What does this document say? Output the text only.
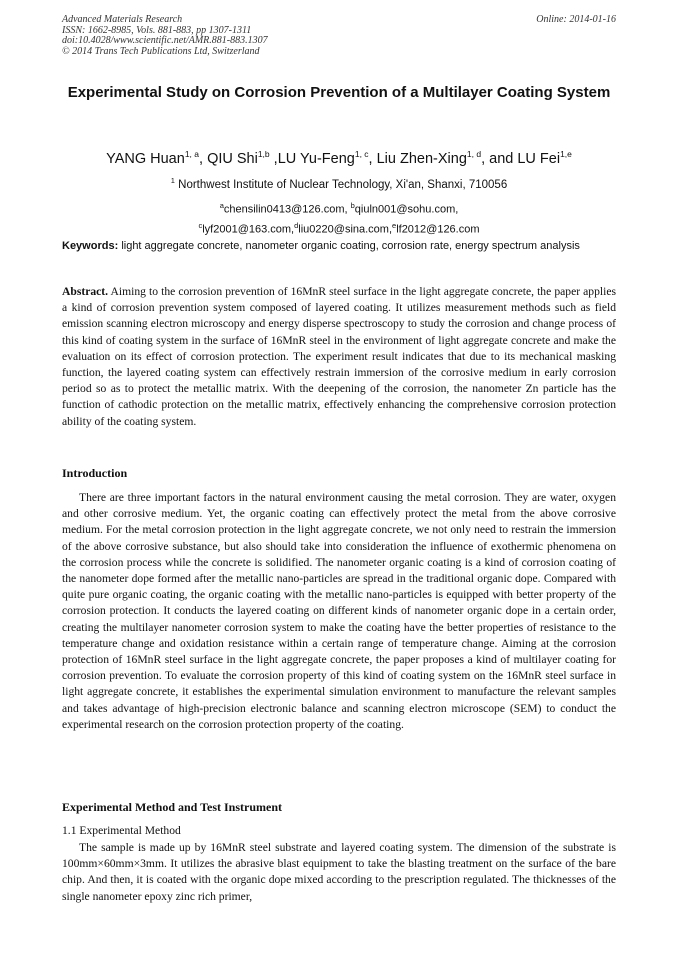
Advanced Materials Research
ISSN: 1662-8985, Vols. 881-883, pp 1307-1311
doi:10.4028/www.scientific.net/AMR.881-883.1307
© 2014 Trans Tech Publications Ltd, Switzerland
Online: 2014-01-16
Experimental Study on Corrosion Prevention of a Multilayer Coating System
YANG Huan$^{1, a}$, QIU Shi$^{1,b}$ ,LU Yu-Feng$^{1, c}$, Liu Zhen-Xing$^{1, d}$, and LU Fei$^{1,e}$
$^1$ Northwest Institute of Nuclear Technology, Xi'an, Shanxi, 710056
$^a$chensilin0413@126.com, $^b$qiuln001@sohu.com,
$^c$lyf2001@163.com,$^d$liu0220@sina.com,$^e$lf2012@126.com
Keywords: light aggregate concrete, nanometer organic coating, corrosion rate, energy spectrum analysis

Abstract. Aiming to the corrosion prevention of 16MnR steel surface in the light aggregate concrete, the paper applies a kind of corrosion prevention system composed of layered coating. It utilizes measurement methods such as field emission scanning electron microscopy and energy disperse spectroscopy to study the corrosion and change process of this kind of coating system in the surface of 16MnR steel in the environment of light aggregate concrete and make the evaluation on its effect of corrosion protection. The experiment result indicates that due to its mechanical masking function, the layered coating system can effectively restrain immersion of the corrosive medium in early corrosion period so as to protect the metallic matrix. With the deepening of the corrosion, the nanometer Zn particle has the function of cathodic protection on the metallic matrix, effectively enhancing the comprehensive corrosion protection ability of the coating system.

Introduction

There are three important factors in the natural environment causing the metal corrosion. They are water, oxygen and other corrosive medium. Yet, the organic coating can effectively protect the metal from the above corrosive medium. For the metal corrosion protection in the light aggregate concrete, we not only need to restrain the immersion of the above corrosive substance, but also should take into consideration the influence of exothermic phenomena on the corrosion process while the concrete is solidified. The nanometer organic coating is a kind of corrosion coating of the nanometer dope formed after the metallic nano-particles are spread in the traditional organic dope. Compared with quite pure organic coating, the organic coating with the metallic nano-particles is equipped with better property of the corrosion protection. It conducts the layered coating on different kinds of nanometer organic dope in a certain order, creating the multilayer nanometer corrosion system to make the coating have the better properties of resistance to the temperature change and oxidation resistance within a certain range of temperature change. Aiming at the corrosion protection of 16MnR steel surface in the light aggregate concrete, the paper proposes a kind of multilayer coating for corrosion prevention. To evaluate the corrosion property of this kind of coating system on the 16MnR steel surface in light aggregate concrete, it establishes the experimental simulation environment to manufacture the relevant samples and takes advantage of high-precision electronic balance and scanning electron microscope (SEM) to conduct the experimental research on the corrosion protection property of the coating.

Experimental Method and Test Instrument
1.1 Experimental Method

The sample is made up by 16MnR steel substrate and layered coating system. The dimension of the substrate is 100mm×60mm×3mm. It utilizes the abrasive blast equipment to take the blasting treatment on the surface of the bare chip. And then, it is coated with the organic dope mixed according to the prescription regulated. The thicknesses of the single nanometer epoxy zinc rich primer,
